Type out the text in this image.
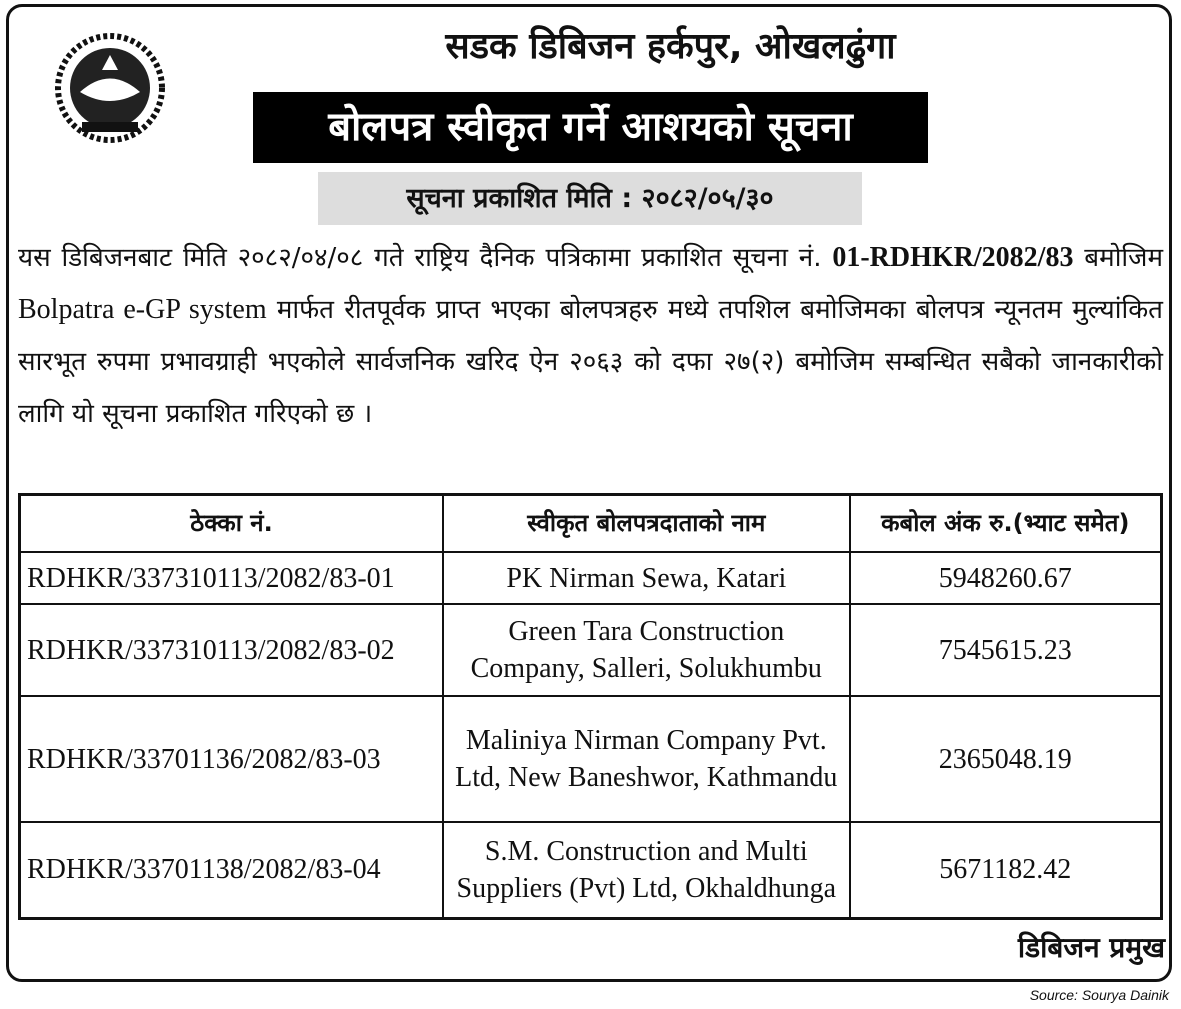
सडक डिबिजन हर्कपुर, ओखलढुंगा
बोलपत्र स्वीकृत गर्ने आशयको सूचना
सूचना प्रकाशित मिति : २०८२/०५/३०
यस डिबिजनबाट मिति २०८२/०४/०८ गते राष्ट्रिय दैनिक पत्रिकामा प्रकाशित सूचना नं. 01-RDHKR/2082/83 बमोजिम Bolpatra e-GP system मार्फत रीतपूर्वक प्राप्त भएका बोलपत्रहरु मध्ये तपशिल बमोजिमका बोलपत्र न्यूनतम मुल्यांकित सारभूत रुपमा प्रभावग्राही भएकोले सार्वजनिक खरिद ऐन २०६३ को दफा २७(२) बमोजिम सम्बन्धित सबैको जानकारीको लागि यो सूचना प्रकाशित गरिएको छ ।
ठेक्का नं.	स्वीकृत बोलपत्रदाताको नाम	कबोल अंक रु.(भ्याट समेत)
RDHKR/337310113/2082/83-01	PK Nirman Sewa, Katari	5948260.67
RDHKR/337310113/2082/83-02	Green Tara Construction Company, Salleri, Solukhumbu	7545615.23
RDHKR/33701136/2082/83-03	Maliniya Nirman Company Pvt. Ltd, New Baneshwor, Kathmandu	2365048.19
RDHKR/33701138/2082/83-04	S.M. Construction and Multi Suppliers (Pvt) Ltd, Okhaldhunga	5671182.42
डिबिजन प्रमुख
Source: Sourya Dainik
